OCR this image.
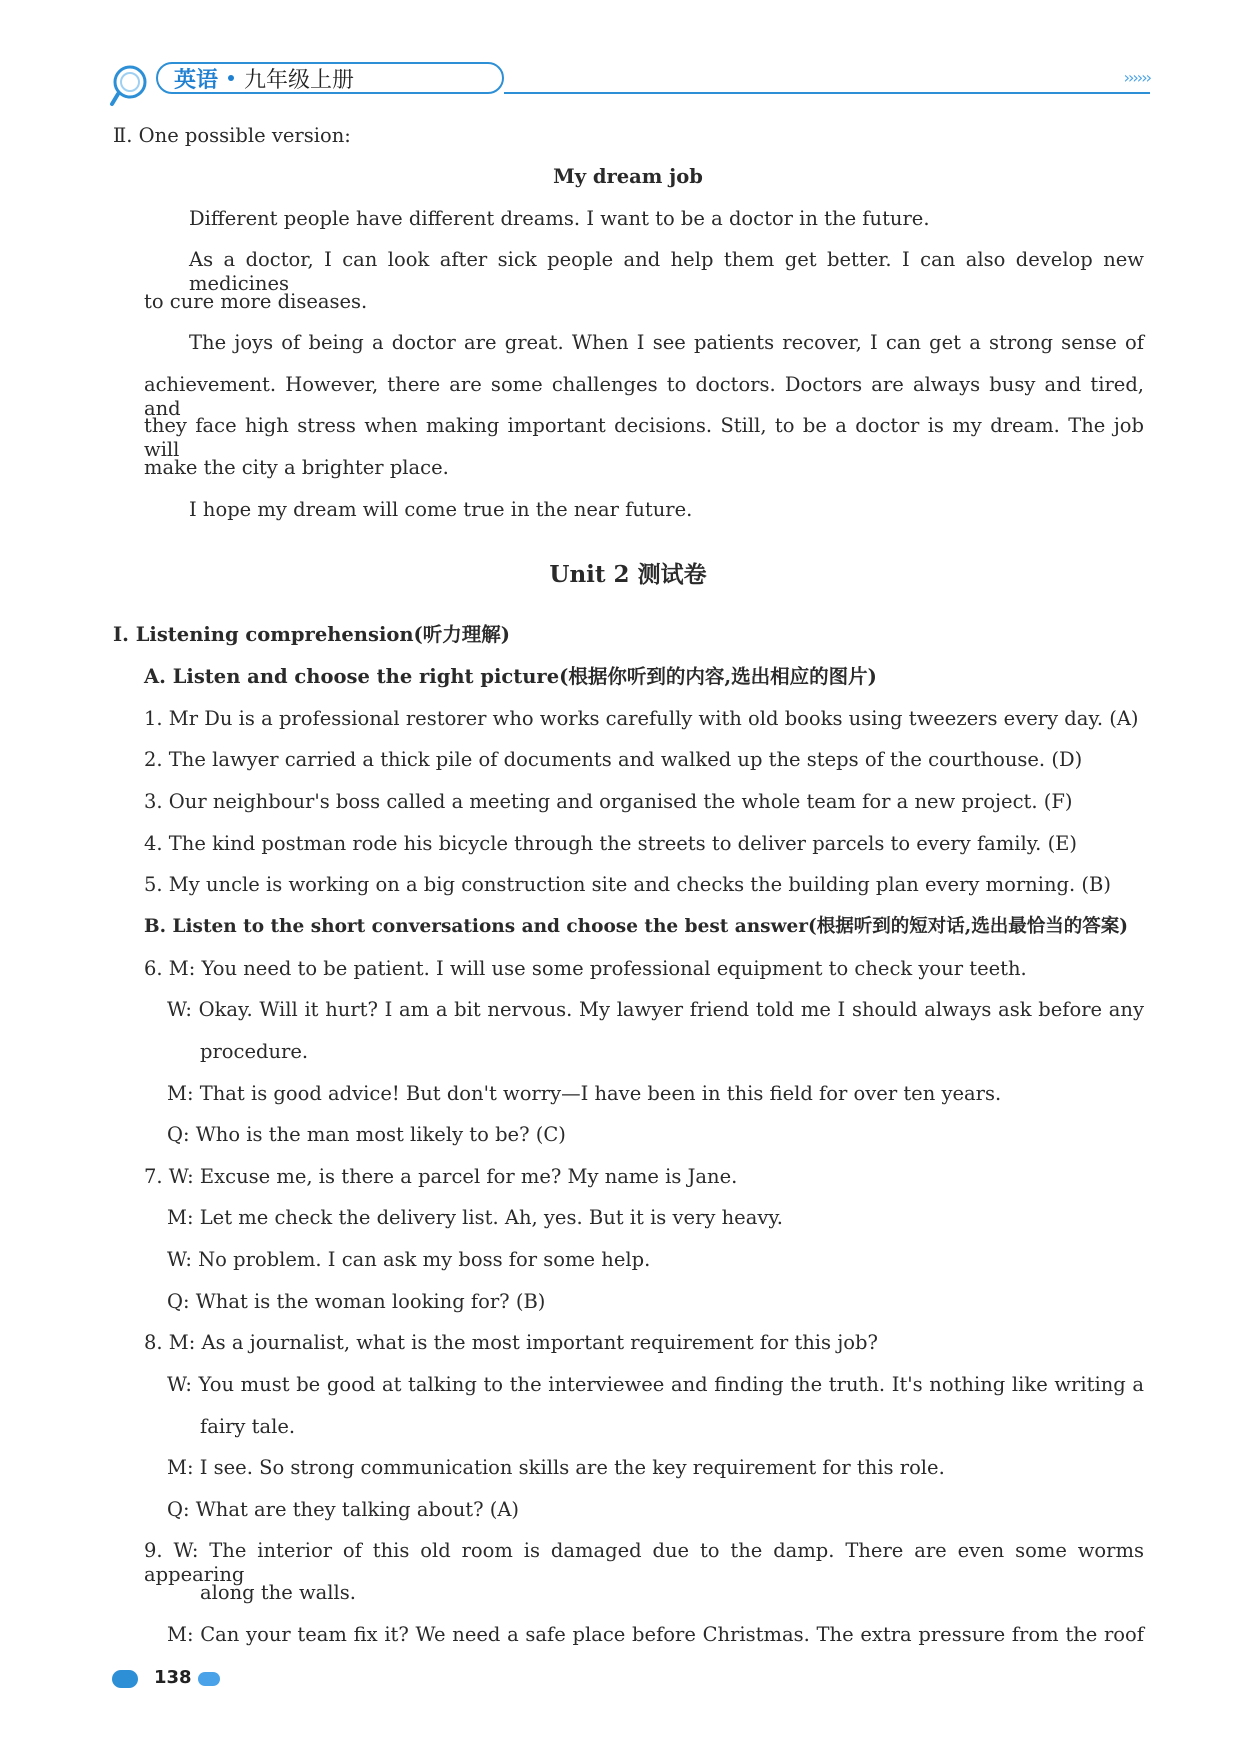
英语 九年级上册	››››››
Ⅱ. One possible version:
My dream job
Different people have different dreams. I want to be a doctor in the future.
As a doctor, I can look after sick people and help them get better. I can also develop new medicines
to cure more diseases.
The joys of being a doctor are great. When I see patients recover, I can get a strong sense of
achievement. However, there are some challenges to doctors. Doctors are always busy and tired, and
they face high stress when making important decisions. Still, to be a doctor is my dream. The job will
make the city a brighter place.
I hope my dream will come true in the near future.
Unit 2 测试卷
Ⅰ. Listening comprehension(听力理解)
A. Listen and choose the right picture(根据你听到的内容,选出相应的图片)
1. Mr Du is a professional restorer who works carefully with old books using tweezers every day. (A)
2. The lawyer carried a thick pile of documents and walked up the steps of the courthouse. (D)
3. Our neighbour's boss called a meeting and organised the whole team for a new project. (F)
4. The kind postman rode his bicycle through the streets to deliver parcels to every family. (E)
5. My uncle is working on a big construction site and checks the building plan every morning. (B)
B. Listen to the short conversations and choose the best answer(根据听到的短对话,选出最恰当的答案)
6. M: You need to be patient. I will use some professional equipment to check your teeth.
W: Okay. Will it hurt? I am a bit nervous. My lawyer friend told me I should always ask before any
procedure.
M: That is good advice! But don't worry—I have been in this field for over ten years.
Q: Who is the man most likely to be? (C)
7. W: Excuse me, is there a parcel for me? My name is Jane.
M: Let me check the delivery list. Ah, yes. But it is very heavy.
W: No problem. I can ask my boss for some help.
Q: What is the woman looking for? (B)
8. M: As a journalist, what is the most important requirement for this job?
W: You must be good at talking to the interviewee and finding the truth. It's nothing like writing a
fairy tale.
M: I see. So strong communication skills are the key requirement for this role.
Q: What are they talking about? (A)
9. W: The interior of this old room is damaged due to the damp. There are even some worms appearing
along the walls.
M: Can your team fix it? We need a safe place before Christmas. The extra pressure from the roof
138
